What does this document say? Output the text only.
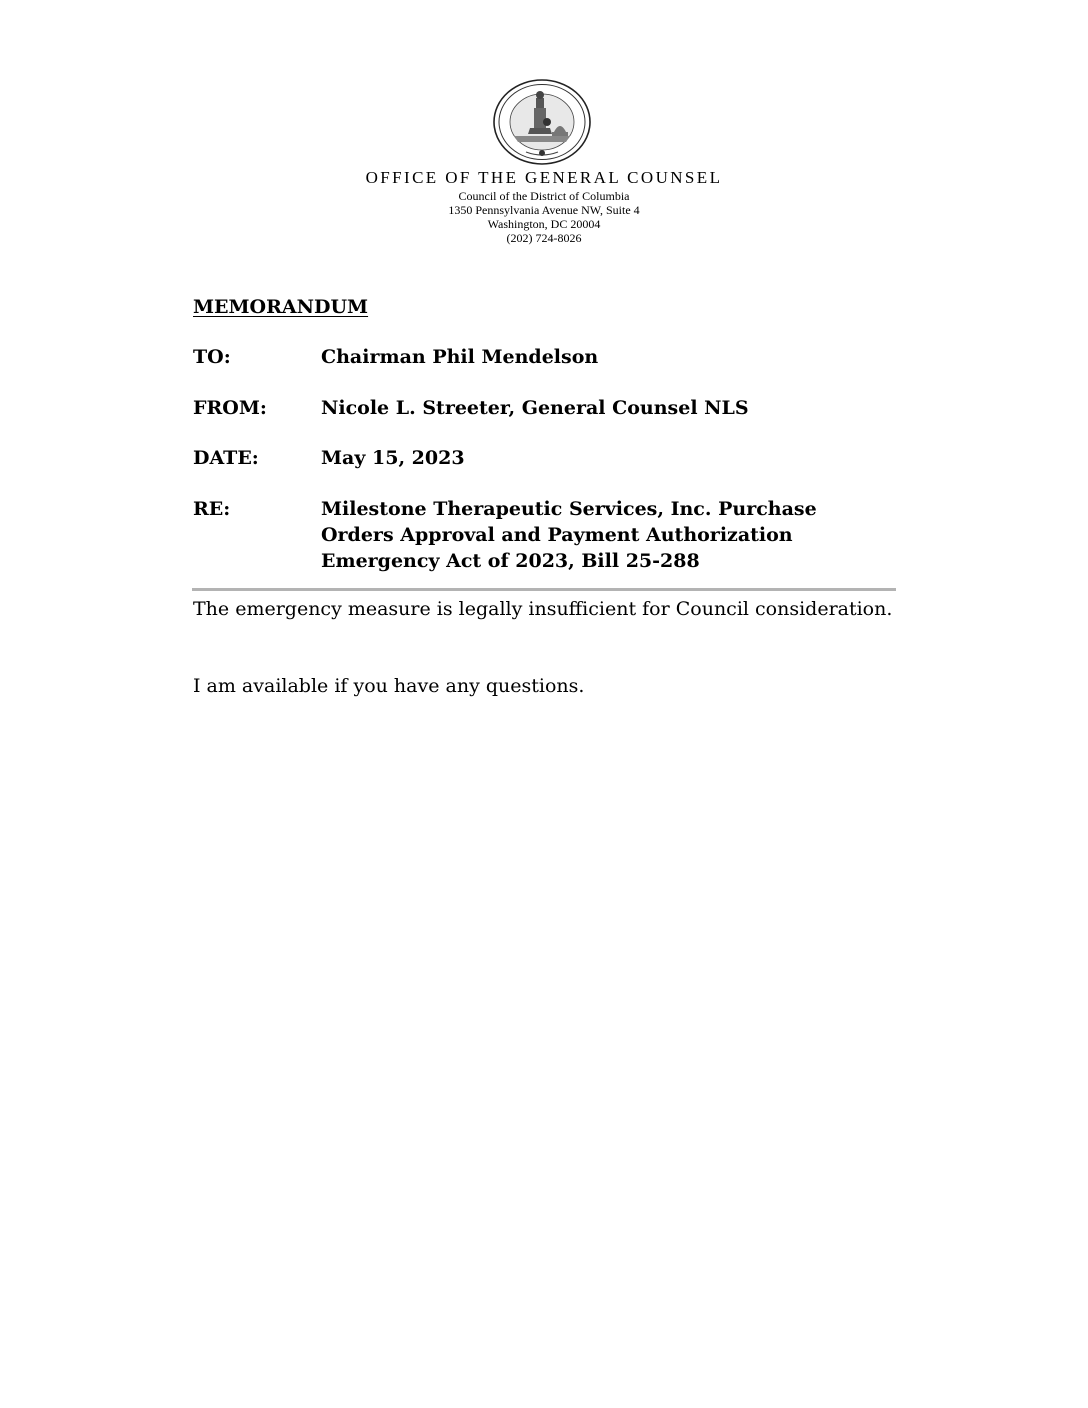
OFFICE OF THE GENERAL COUNSEL
Council of the District of Columbia
1350 Pennsylvania Avenue NW, Suite 4
Washington, DC 20004
(202) 724-8026
MEMORANDUM
TO:	Chairman Phil Mendelson
FROM:	Nicole L. Streeter, General Counsel NLS
DATE:	May 15, 2023
RE:	Milestone Therapeutic Services, Inc. Purchase
Orders Approval and Payment Authorization
Emergency Act of 2023, Bill 25-288
The emergency measure is legally insufficient for Council consideration.
I am available if you have any questions.
